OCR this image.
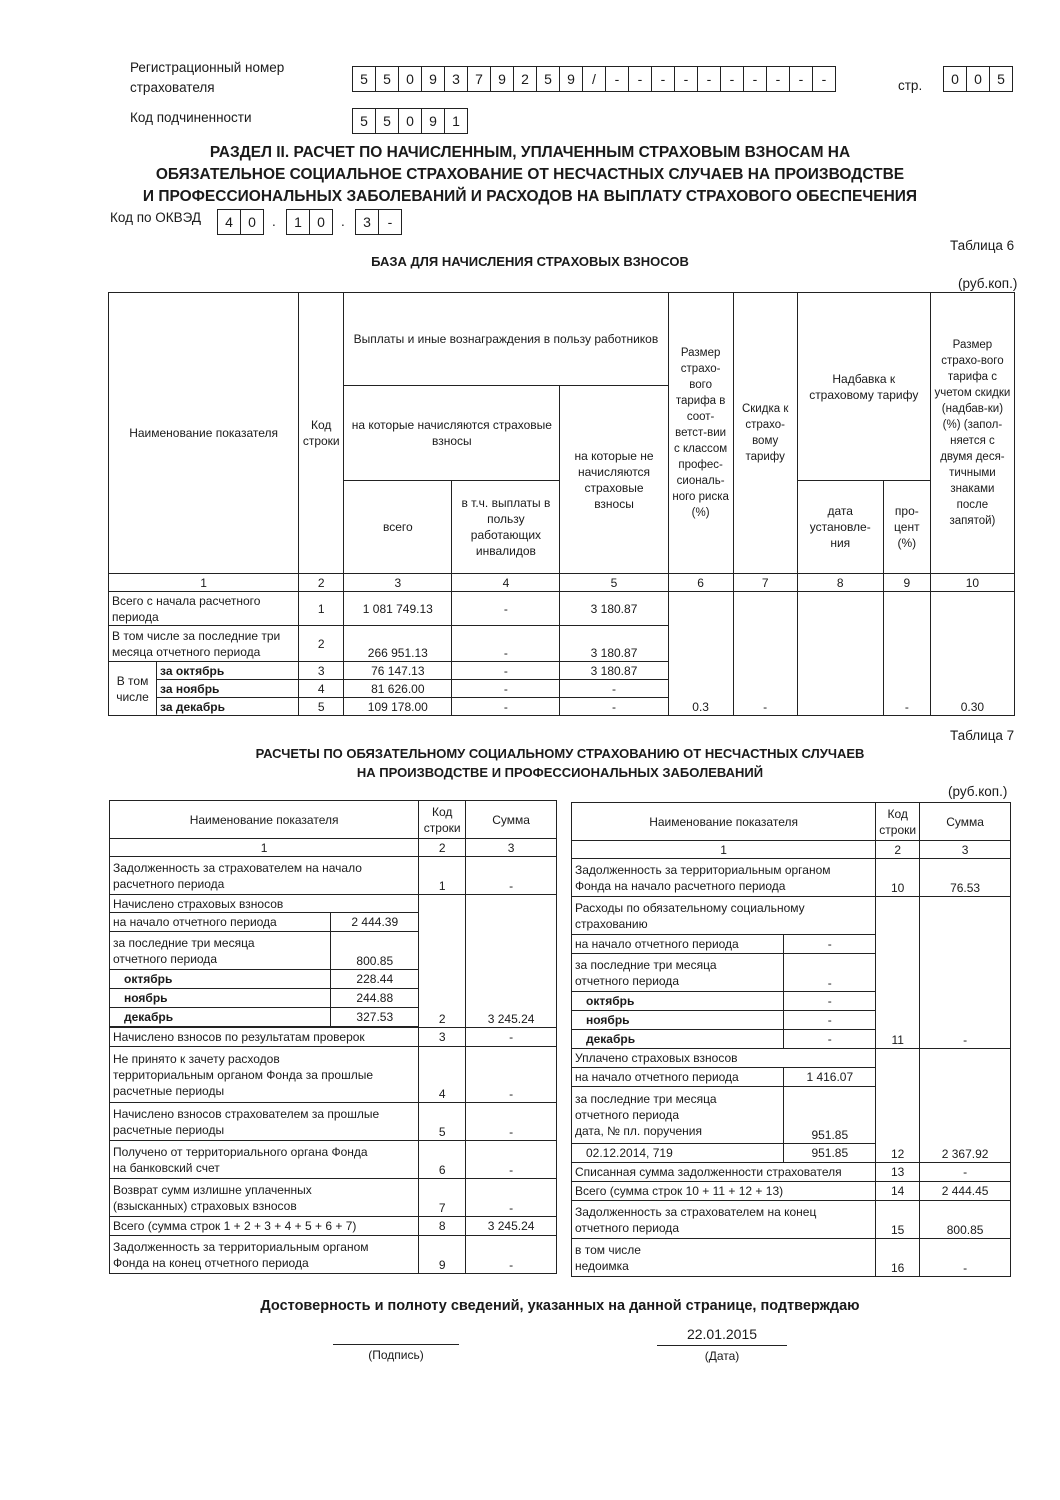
Регистрационный номер
страхователя
5	5	0	9	3	7	9	2	5	9	/	-	-	-	-	-	-	-	-	-	-	стр.	0	0	5
Код подчиненности	5	5	0	9	1
РАЗДЕЛ II. РАСЧЕТ ПО НАЧИСЛЕННЫМ, УПЛАЧЕННЫМ СТРАХОВЫМ ВЗНОСАМ НА
ОБЯЗАТЕЛЬНОЕ СОЦИАЛЬНОЕ СТРАХОВАНИЕ ОТ НЕСЧАСТНЫХ СЛУЧАЕВ НА ПРОИЗВОДСТВЕ
И ПРОФЕССИОНАЛЬНЫХ ЗАБОЛЕВАНИЙ И РАСХОДОВ НА ВЫПЛАТУ СТРАХОВОГО ОБЕСПЕЧЕНИЯ
Код по ОКВЭД	4	0	.	1	0	.	3	-
Таблица 6
БАЗА ДЛЯ НАЧИСЛЕНИЯ СТРАХОВЫХ ВЗНОСОВ
(руб.коп.)
Наименование показателя		Код строки	Выплаты и иные вознаграждения в пользу работников			Размер страхо-вого тарифа в соот-ветст-вии с классом профес-сиональ-ного риска (%)	Скидка к страхо-вому тарифу	Надбавка к страховому тарифу		Размер страхо-вого тарифа с учетом скидки (надбав-ки) (%) (запол-няется с двумя деся-тичными знаками после запятой)
			на которые начисляются страховые взносы		на которые не начисляются страховые взносы					
			всего	в т.ч. выплаты в пользу работающих инвалидов				дата установле-ния	про-цент (%)	
1		2	3	4	5	6	7	8	9	10
Всего с начала расчетного периода		1	1 081 749.13	-	3 180.87	0.3	-		-	0.30
В том числе за последние три месяца отчетного периода		2	266 951.13	-	3 180.87					
В том числе	за октябрь	3	76 147.13	-	3 180.87					
	за ноябрь	4	81 626.00	-	-					
	за декабрь	5	109 178.00	-	-					
Таблица 7
РАСЧЕТЫ ПО ОБЯЗАТЕЛЬНОМУ СОЦИАЛЬНОМУ СТРАХОВАНИЮ ОТ НЕСЧАСТНЫХ СЛУЧАЕВ
НА ПРОИЗВОДСТВЕ И ПРОФЕССИОНАЛЬНЫХ ЗАБОЛЕВАНИЙ
(руб.коп.)
Наименование показателя		Код строки	Сумма
1		2	3

Задолженность за страхователем на начало
расчетного периода		1	-
Начислено страховых взносов		2	3 245.24
на начало отчетного периода	2 444.39		

за последние три месяца
отчетного периода	800.85		
октябрь	228.44		
ноябрь	244.88		
декабрь	327.53		

Начислено взносов по результатам проверок		3	-

Не принято к зачету расходов
территориальным органом Фонда за прошлые
расчетные периоды		4	-

Начислено взносов страхователем за прошлые
расчетные периоды		5	-

Получено от территориального органа Фонда
на банковский счет		6	-

Возврат сумм излишне уплаченных
(взысканных) страховых взносов		7	-
Всего (сумма строк 1 + 2 + 3 + 4 + 5 + 6 + 7)		8	3 245.24

Задолженность за территориальным органом
Фонда на конец отчетного периода		9	-
Наименование показателя		Код строки	Сумма
1		2	3

Задолженность за территориальным органом
Фонда на начало расчетного периода		10	76.53

Расходы по обязательному социальному
страхованию		11	-
на начало отчетного периода	-		

за последние три месяца
отчетного периода	-		
октябрь	-		
ноябрь	-		
декабрь	-		
Уплачено страховых взносов		12	2 367.92
на начало отчетного периода	1 416.07		

за последние три месяца
отчетного периода
дата, № пл. поручения	951.85		
02.12.2014, 719	951.85		
Списанная сумма задолженности страхователя		13	-
Всего (сумма строк 10 + 11 + 12 + 13)		14	2 444.45

Задолженность за страхователем на конец
отчетного периода		15	800.85

в том числе
недоимка		16	-
Достоверность и полноту сведений, указанных на данной странице, подтверждаю
(Подпись)
22.01.2015
(Дата)
